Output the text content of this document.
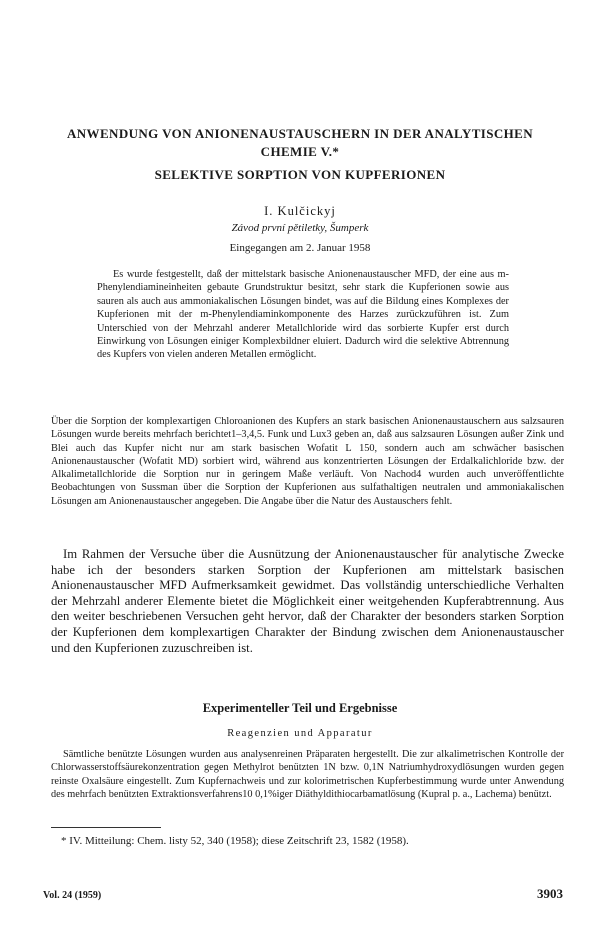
ANWENDUNG VON ANIONENAUSTAUSCHERN IN DER ANALYTISCHEN
CHEMIE V.*
SELEKTIVE SORPTION VON KUPFERIONEN
I. Kulčickyj
Závod první pětiletky, Šumperk
Eingegangen am 2. Januar 1958

Es wurde festgestellt, daß der mittelstark basische Anionenaustauscher MFD, der eine aus m-Phenylendiamineinheiten gebaute Grundstruktur besitzt, sehr stark die Kupferionen sowie aus sauren als auch aus ammoniakalischen Lösungen bindet, was auf die Bildung eines Komplexes der Kupferionen mit der m-Phenylendiaminkomponente des Harzes zurückzuführen ist. Zum Unterschied von der Mehrzahl anderer Metallchloride wird das sorbierte Kupfer erst durch Einwirkung von Lösungen einiger Komplexbildner eluiert. Dadurch wird die selektive Abtrennung des Kupfers von vielen anderen Metallen ermöglicht.

Über die Sorption der komplexartigen Chloroanionen des Kupfers an stark basischen Anionenaustauschern aus salzsauren Lösungen wurde bereits mehrfach berichtet1–3,4,5. Funk und Lux3 geben an, daß aus salzsauren Lösungen außer Zink und Blei auch das Kupfer nicht nur am stark basischen Wofatit L 150, sondern auch am schwächer basischen Anionenaustauscher (Wofatit MD) sorbiert wird, während aus konzentrierten Lösungen der Erdalkalichloride bzw. der Alkalimetallchloride die Sorption nur in geringem Maße verläuft. Von Nachod4 wurden auch unveröffentlichte Beobachtungen von Sussman über die Sorption der Kupferionen aus sulfathaltigen neutralen und ammoniakalischen Lösungen am Anionenaustauscher angegeben. Die Angabe über die Natur des Austauschers fehlt.

Im Rahmen der Versuche über die Ausnützung der Anionenaustauscher für analytische Zwecke habe ich der besonders starken Sorption der Kupferionen am mittelstark basischen Anionenaustauscher MFD Aufmerksamkeit gewidmet. Das vollständig unterschiedliche Verhalten der Mehrzahl anderer Elemente bietet die Möglichkeit einer weitgehenden Kupferabtrennung. Aus den weiter beschriebenen Versuchen geht hervor, daß der Charakter der besonders starken Sorption der Kupferionen dem komplexartigen Charakter der Bindung zwischen dem Anionenaustauscher und den Kupferionen zuzuschreiben ist.

Experimenteller Teil und Ergebnisse
Reagenzien und Apparatur

Sämtliche benützte Lösungen wurden aus analysenreinen Präparaten hergestellt. Die zur alkalimetrischen Kontrolle der Chlorwasserstoffsäurekonzentration gegen Methylrot benützten 1N bzw. 0,1N Natriumhydroxydlösungen wurden gegen reinste Oxalsäure eingestellt. Zum Kupfernachweis und zur kolorimetrischen Kupferbestimmung wurde unter Anwendung des mehrfach benützten Extraktionsverfahrens10 0,1%iger Diäthyldithiocarbamatlösung (Kupral p. a., Lachema) benützt.

* IV. Mitteilung: Chem. listy 52, 340 (1958); diese Zeitschrift 23, 1582 (1958).

Vol. 24 (1959)	3903
